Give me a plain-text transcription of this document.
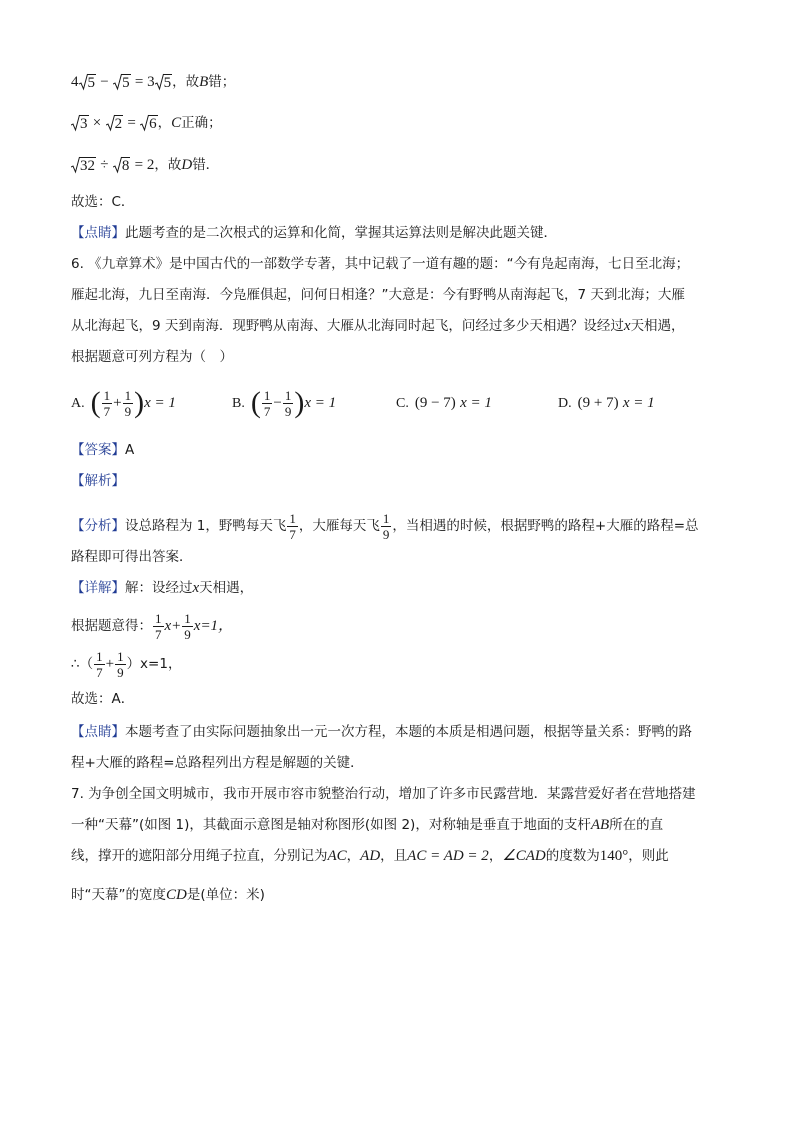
4 5 − 5 = 3 5，故B错；
3 × 2 = 6，C正确；
32 ÷ 8 = 2，故D错．
故选：C．
【点睛】此题考查的是二次根式的运算和化简，掌握其运算法则是解决此题关键．
6. 《九章算术》是中国古代的一部数学专著，其中记载了一道有趣的题：“今有凫起南海，七日至北海；
雁起北海，九日至南海．今凫雁俱起，问何日相逢？”大意是：今有野鸭从南海起飞，7 天到北海；大雁
从北海起飞，9 天到南海．现野鸭从南海、大雁从北海同时起飞，问经过多少天相遇？设经过x天相遇，
根据题意可列方程为（　）
A. ( $\frac{1}{7} + \frac{1}{9} )x = 1$	B. ( $\frac{1}{7} - \frac{1}{9} )x = 1$	C. (9 − 7) x = 1	D. (9 + 7) x = 1
【答案】A
【解析】
【分析】设总路程为 1，野鸭每天飞 $\frac{1}{7}$ ，大雁每天飞 $\frac{1}{9}$ ，当相遇的时候，根据野鸭的路程+大雁的路程=总
路程即可得出答案．
【详解】解：设经过x天相遇，
根据题意得： $\frac{1}{7} x+ \frac{1}{9} x=1$，
∴（ $\frac{1}{7} + \frac{1}{9} )x=1$，
故选：A．
【点睛】本题考查了由实际问题抽象出一元一次方程，本题的本质是相遇问题，根据等量关系：野鸭的路
程+大雁的路程=总路程列出方程是解题的关键．
7. 为争创全国文明城市，我市开展市容市貌整治行动，增加了许多市民露营地．某露营爱好者在营地搭建
一种“天幕”(如图 1)，其截面示意图是轴对称图形(如图 2)，对称轴是垂直于地面的支杆AB所在的直
线，撑开的遮阳部分用绳子拉直，分别记为AC，AD，且AC = AD = 2，∠CAD的度数为140°，则此
时“天幕”的宽度CD是(单位：米)
